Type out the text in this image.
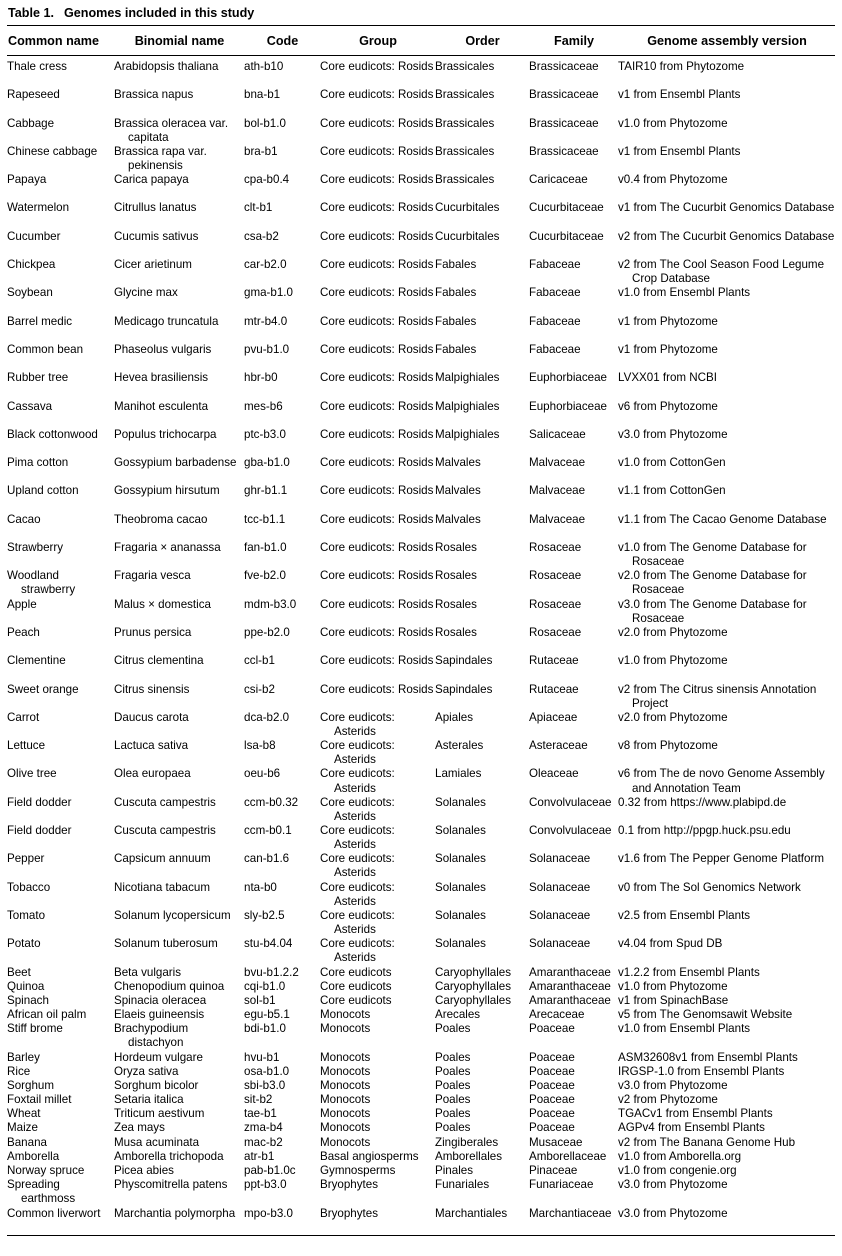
Table 1. Genomes included in this study
Common name	Binomial name	Code	Group	Order	Family	Genome assembly version

Thale cress	Arabidopsis thaliana	ath-b10	Core eudicots: Rosids	Brassicales	Brassicaceae	TAIR10 from Phytozome

Rapeseed	Brassica napus	bna-b1	Core eudicots: Rosids	Brassicales	Brassicaceae	v1 from Ensembl Plants

Cabbage	Brassica oleracea var. capitata	bol-b1.0	Core eudicots: Rosids	Brassicales	Brassicaceae	v1.0 from Phytozome

Chinese cabbage	Brassica rapa var. pekinensis	bra-b1	Core eudicots: Rosids	Brassicales	Brassicaceae	v1 from Ensembl Plants

Papaya	Carica papaya	cpa-b0.4	Core eudicots: Rosids	Brassicales	Caricaceae	v0.4 from Phytozome

Watermelon	Citrullus lanatus	clt-b1	Core eudicots: Rosids	Cucurbitales	Cucurbitaceae	v1 from The Cucurbit Genomics Database

Cucumber	Cucumis sativus	csa-b2	Core eudicots: Rosids	Cucurbitales	Cucurbitaceae	v2 from The Cucurbit Genomics Database

Chickpea	Cicer arietinum	car-b2.0	Core eudicots: Rosids	Fabales	Fabaceae	v2 from The Cool Season Food Legume Crop Database

Soybean	Glycine max	gma-b1.0	Core eudicots: Rosids	Fabales	Fabaceae	v1.0 from Ensembl Plants

Barrel medic	Medicago truncatula	mtr-b4.0	Core eudicots: Rosids	Fabales	Fabaceae	v1 from Phytozome

Common bean	Phaseolus vulgaris	pvu-b1.0	Core eudicots: Rosids	Fabales	Fabaceae	v1 from Phytozome

Rubber tree	Hevea brasiliensis	hbr-b0	Core eudicots: Rosids	Malpighiales	Euphorbiaceae	LVXX01 from NCBI

Cassava	Manihot esculenta	mes-b6	Core eudicots: Rosids	Malpighiales	Euphorbiaceae	v6 from Phytozome

Black cottonwood	Populus trichocarpa	ptc-b3.0	Core eudicots: Rosids	Malpighiales	Salicaceae	v3.0 from Phytozome

Pima cotton	Gossypium barbadense	gba-b1.0	Core eudicots: Rosids	Malvales	Malvaceae	v1.0 from CottonGen

Upland cotton	Gossypium hirsutum	ghr-b1.1	Core eudicots: Rosids	Malvales	Malvaceae	v1.1 from CottonGen

Cacao	Theobroma cacao	tcc-b1.1	Core eudicots: Rosids	Malvales	Malvaceae	v1.1 from The Cacao Genome Database

Strawberry	Fragaria × ananassa	fan-b1.0	Core eudicots: Rosids	Rosales	Rosaceae	v1.0 from The Genome Database for Rosaceae

Woodland strawberry	Fragaria vesca	fve-b2.0	Core eudicots: Rosids	Rosales	Rosaceae	v2.0 from The Genome Database for Rosaceae

Apple	Malus × domestica	mdm-b3.0	Core eudicots: Rosids	Rosales	Rosaceae	v3.0 from The Genome Database for Rosaceae

Peach	Prunus persica	ppe-b2.0	Core eudicots: Rosids	Rosales	Rosaceae	v2.0 from Phytozome

Clementine	Citrus clementina	ccl-b1	Core eudicots: Rosids	Sapindales	Rutaceae	v1.0 from Phytozome

Sweet orange	Citrus sinensis	csi-b2	Core eudicots: Rosids	Sapindales	Rutaceae	v2 from The Citrus sinensis Annotation Project

Carrot	Daucus carota	dca-b2.0	Core eudicots: Asterids	Apiales	Apiaceae	v2.0 from Phytozome

Lettuce	Lactuca sativa	lsa-b8	Core eudicots: Asterids	Asterales	Asteraceae	v8 from Phytozome

Olive tree	Olea europaea	oeu-b6	Core eudicots: Asterids	Lamiales	Oleaceae	v6 from The de novo Genome Assembly and Annotation Team

Field dodder	Cuscuta campestris	ccm-b0.32	Core eudicots: Asterids	Solanales	Convolvulaceae	0.32 from https://www.plabipd.de

Field dodder	Cuscuta campestris	ccm-b0.1	Core eudicots: Asterids	Solanales	Convolvulaceae	0.1 from http://ppgp.huck.psu.edu

Pepper	Capsicum annuum	can-b1.6	Core eudicots: Asterids	Solanales	Solanaceae	v1.6 from The Pepper Genome Platform

Tobacco	Nicotiana tabacum	nta-b0	Core eudicots: Asterids	Solanales	Solanaceae	v0 from The Sol Genomics Network

Tomato	Solanum lycopersicum	sly-b2.5	Core eudicots: Asterids	Solanales	Solanaceae	v2.5 from Ensembl Plants

Potato	Solanum tuberosum	stu-b4.04	Core eudicots: Asterids	Solanales	Solanaceae	v4.04 from Spud DB

Beet	Beta vulgaris	bvu-b1.2.2	Core eudicots	Caryophyllales	Amaranthaceae	v1.2.2 from Ensembl Plants

Quinoa	Chenopodium quinoa	cqi-b1.0	Core eudicots	Caryophyllales	Amaranthaceae	v1.0 from Phytozome

Spinach	Spinacia oleracea	sol-b1	Core eudicots	Caryophyllales	Amaranthaceae	v1 from SpinachBase

African oil palm	Elaeis guineensis	egu-b5.1	Monocots	Arecales	Arecaceae	v5 from The Genomsawit Website

Stiff brome	Brachypodium distachyon	bdi-b1.0	Monocots	Poales	Poaceae	v1.0 from Ensembl Plants

Barley	Hordeum vulgare	hvu-b1	Monocots	Poales	Poaceae	ASM32608v1 from Ensembl Plants

Rice	Oryza sativa	osa-b1.0	Monocots	Poales	Poaceae	IRGSP-1.0 from Ensembl Plants

Sorghum	Sorghum bicolor	sbi-b3.0	Monocots	Poales	Poaceae	v3.0 from Phytozome

Foxtail millet	Setaria italica	sit-b2	Monocots	Poales	Poaceae	v2 from Phytozome

Wheat	Triticum aestivum	tae-b1	Monocots	Poales	Poaceae	TGACv1 from Ensembl Plants

Maize	Zea mays	zma-b4	Monocots	Poales	Poaceae	AGPv4 from Ensembl Plants

Banana	Musa acuminata	mac-b2	Monocots	Zingiberales	Musaceae	v2 from The Banana Genome Hub

Amborella	Amborella trichopoda	atr-b1	Basal angiosperms	Amborellales	Amborellaceae	v1.0 from Amborella.org

Norway spruce	Picea abies	pab-b1.0c	Gymnosperms	Pinales	Pinaceae	v1.0 from congenie.org

Spreading earthmoss	Physcomitrella patens	ppt-b3.0	Bryophytes	Funariales	Funariaceae	v3.0 from Phytozome

Common liverwort	Marchantia polymorpha	mpo-b3.0	Bryophytes	Marchantiales	Marchantiaceae	v3.0 from Phytozome
